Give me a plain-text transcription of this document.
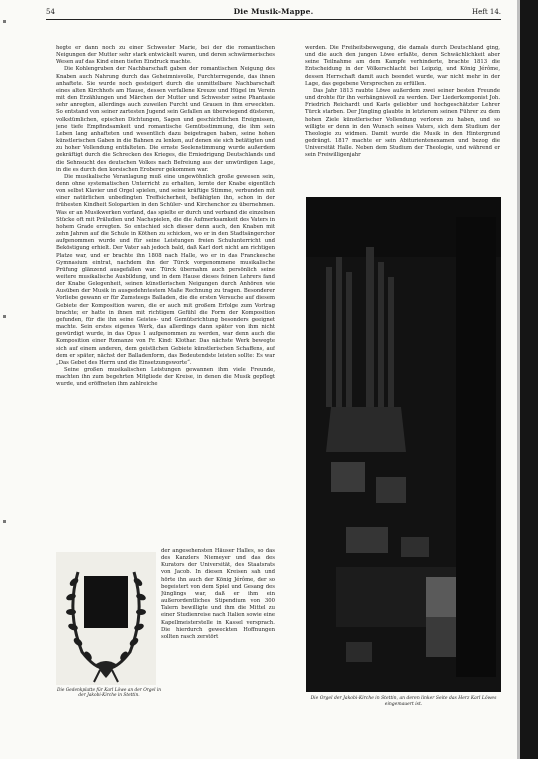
54	Die Musik-Mappe.	Heft 14.

hegte er dann noch zu einer Schwester Marie, bei der die romantischen Neigungen der Mutter sehr stark entwickelt waren, und deren schwärmerisches Wesen auf das Kind einen tiefen Eindruck machte.

Die Kohlengruben der Nachbarschaft gaben der romantischen Neigung des Knaben auch Nahrung durch das Geheimnisvolle, Furchterregende, das ihnen anhaftete. Sie wurde noch gesteigert durch die unmittelbare Nachbarschaft eines alten Kirchhofs am Hause, dessen verfallene Kreuze und Hügel im Verein mit den Erzählungen und Märchen der Mutter und Schwester seine Phantasie sehr anregten, allerdings auch zuweilen Furcht und Grauen in ihm erweckten. So entstand von seiner zartesten Jugend sein Gefallen an überwiegend düsteren, volkstümlichen, epischen Dichtungen, Sagen und geschichtlichen Ereignissen, jene tiefe Empfindsamkeit und romantische Gemütsstimmung, die ihm sein Leben lang anhafteten und wesentlich dazu beigetragen haben, seine hohen künstlerischen Gaben in die Bahnen zu lenken, auf denen sie sich betätigten und zu hoher Vollendung entfalteten. Die ernste Seelenstimmung wurde außerdem gekräftigt durch die Schrecken des Krieges, die Erniedrigung Deutschlands und die Sehnsucht des deutschen Volkes nach Befreiung aus der unwürdigen Lage, in die es durch den korsischen Eroberer gekommen war.

Die musikalische Veranlagung muß eine ungewöhnlich große gewesen sein, denn ohne systematischen Unterricht zu erhalten, lernte der Knabe eigentlich von selbst Klavier und Orgel spielen, und seine kräftige Stimme, verbunden mit einer natürlichen unbedingten Treffsicherheit, befähigten ihn, schon in der frühesten Kindheit Solopartien in den Schüler- und Kirchenchor zu übernehmen. Was er an Musikwerken vorfand, das spielte er durch und verband die einzelnen Stücke oft mit Präludien und Nachspielen, die die Aufmerksamkeit des Vaters in hohem Grade erregten. So entschied sich dieser denn auch, den Knaben mit zehn Jahren auf die Schule in Köthen zu schicken, wo er in den Stadtsängerchor aufgenommen wurde und für seine Leistungen freien Schulunterricht und Beköstigung erhielt. Der Vater sah jedoch bald, daß Karl dort nicht am richtigen Platze war, und er brachte ihn 1808 nach Halle, wo er in das Franckesche Gymnasium eintrat, nachdem ihn der Türck vorgenommene musikalische Prüfung glänzend ausgefallen war. Türck übernahm auch persönlich seine weitere musikalische Ausbildung, und in dem Hause dieses feinen Lehrers fand der Knabe Gelegenheit, seinen künstlerischen Neigungen durch Anhören wie Ausüben der Musik in ausgedehntestem Maße Rechnung zu tragen. Besonderer Vorliebe gewann er für Zumsteegs Balladen, die die ersten Versuche auf diesem Gebiete der Komposition waren, die er auch mit großem Erfolge zum Vortrag brachte; er hatte in ihnen mit richtigem Gefühl die Form der Komposition gefunden, für die ihn seine Geistes- und Gemütsrichtung besonders geeignet machte. Sein erstes eigenes Werk, das allerdings dann später von ihm nicht gewürdigt wurde, in das Opus 1 aufgenommen zu werden, war denn auch die Komposition einer Romanze von Fr. Kind: Klothar. Das nächste Werk bewegte sich auf einem anderen, dem geistlichen Gebiete künstlerischen Schaffens, auf dem er später, nächst der Balladenform, das Bedeutendste leisten sollte: Es war „Das Gebet des Herrn und die Einsetzungsworte“.

Seine großen musikalischen Leistungen gewannen ihm viele Freunde, machten ihn zum begehrten Mitgliede der Kreise, in denen die Musik gepflegt wurde, und eröffneten ihm zahlreiche

der angesehensten Häuser Halles, so das des Kanzlers Niemeyer und das des Kurators der Universität, des Staatsrats von Jacob. In diesen Kreisen sah und hörte ihn auch der König Jérôme, der so begeistert von dem Spiel und Gesang des Jünglings war, daß er ihm ein außerordentliches Stipendium von 300 Talern bewilligte und ihm die Mittel zu einer Studienreise nach Italien sowie eine Kapellmeisterstelle in Kassel versprach. Die hierdurch geweckten Hoffnungen sollten rasch zerstört

Die Gedenkplatte für Karl Löwe an der Orgel in der Jakobi-Kirche in Stettin.

werden. Die Freiheitsbewegung, die damals durch Deutschland ging, und die auch den jungen Löwe erfaßte, deren Schwächlichkeit aber seine Teilnahme am dem Kampfe verhinderte, brachte 1813 die Entscheidung in der Völkerschlacht bei Leipzig, und König Jérôme, dessen Herrschaft damit auch beendet wurde, war nicht mehr in der Lage, das gegebene Versprechen zu erfüllen.

Das Jahr 1813 raubte Löwe außerdem zwei seiner besten Freunde und drohte für ihn verhängnisvoll zu werden. Der Liederkomponist Joh. Friedrich Reichardt und Karls geliebter und hochgeschätzter Lehrer Türck starben. Der Jüngling glaubte in letzterem seinen Führer zu dem hohen Ziele künstlerischer Vollendung verloren zu haben, und so willigte er denn in den Wunsch seines Vaters, sich dem Studium der Theologie zu widmen. Damit wurde die Musik in den Hintergrund gedrängt. 1817 machte er sein Abiturientenexamen und bezog die Universität Halle. Neben dem Studium der Theologie, und während er sein Freiwilligenjahr

Die Orgel der Jakobi-Kirche in Stettin, an deren linker Seite das Herz Karl Löwes eingemauert ist.
